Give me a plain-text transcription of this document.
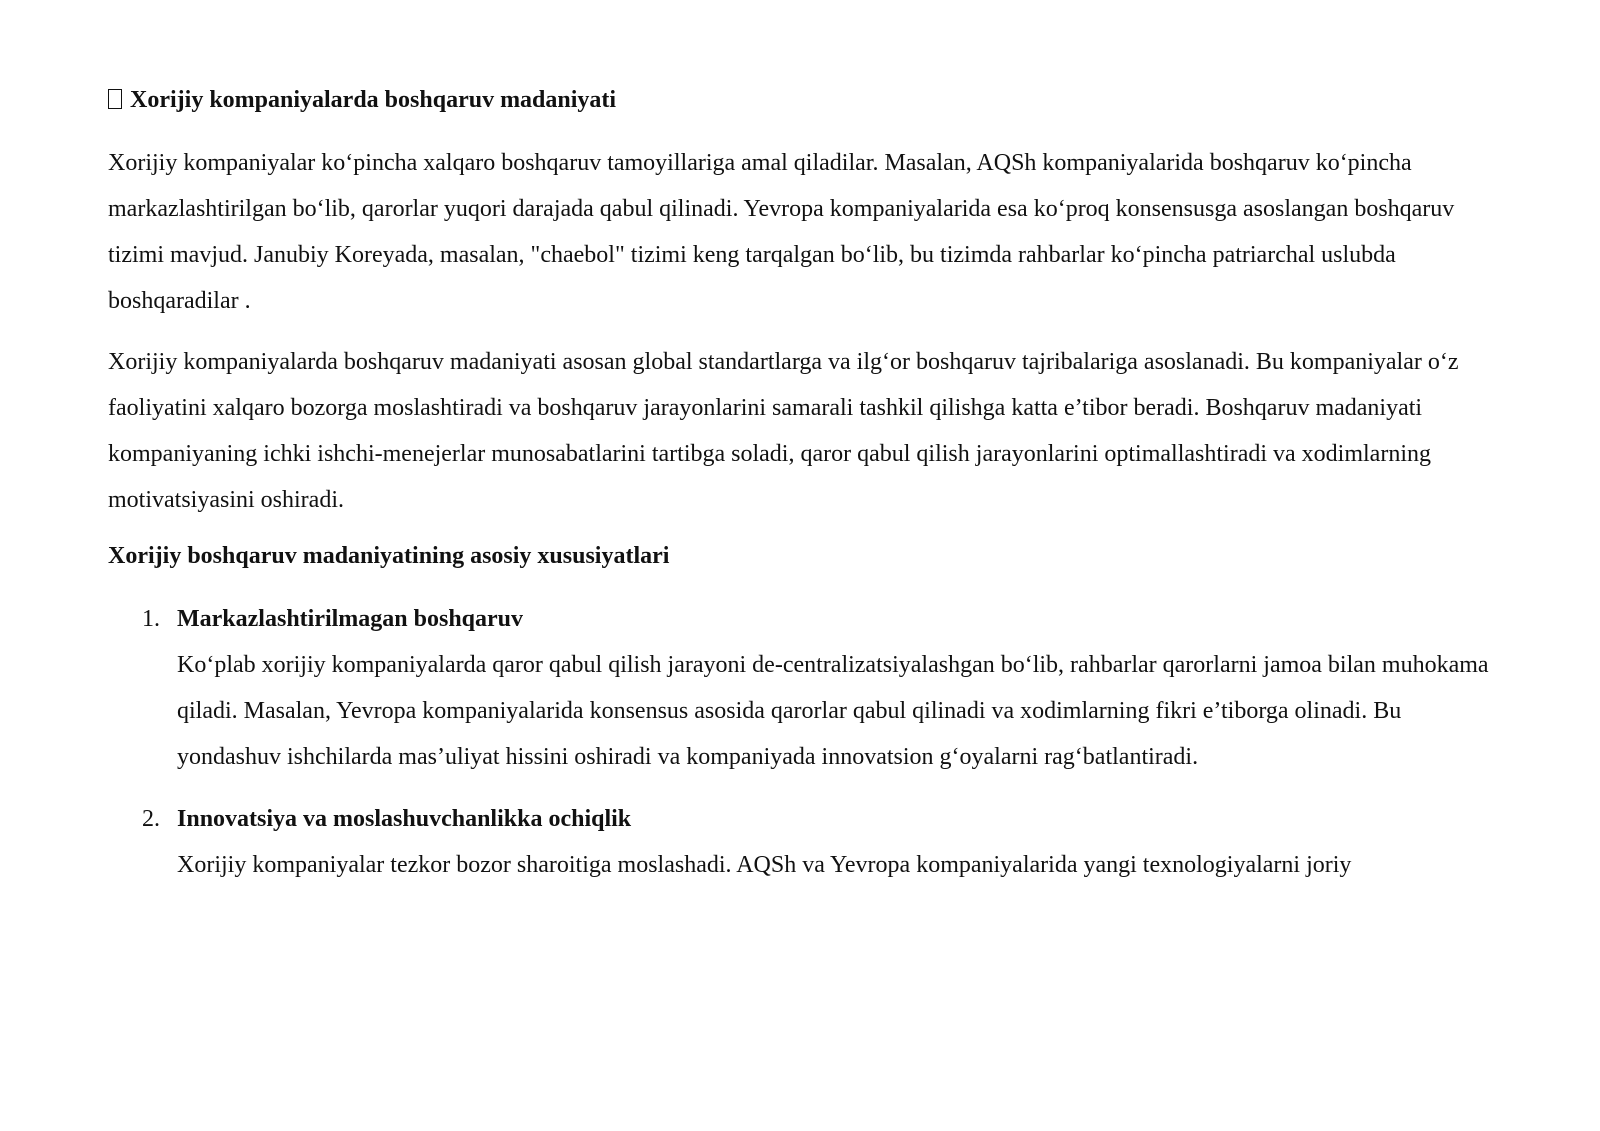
Xorijiy kompaniyalarda boshqaruv madaniyati

Xorijiy kompaniyalar koʻpincha xalqaro boshqaruv tamoyillariga amal qiladilar. Masalan, AQSh kompaniyalarida boshqaruv koʻpincha markazlashtirilgan boʻlib, qarorlar yuqori darajada qabul qilinadi. Yevropa kompaniyalarida esa koʻproq konsensusga asoslangan boshqaruv tizimi mavjud. Janubiy Koreyada, masalan, "chaebol" tizimi keng tarqalgan boʻlib, bu tizimda rahbarlar koʻpincha patriarchal uslubda boshqaradilar .

Xorijiy kompaniyalarda boshqaruv madaniyati asosan global standartlarga va ilgʻor boshqaruv tajribalariga asoslanadi. Bu kompaniyalar oʻz faoliyatini xalqaro bozorga moslashtiradi va boshqaruv jarayonlarini samarali tashkil qilishga katta e’tibor beradi. Boshqaruv madaniyati kompaniyaning ichki ishchi-menejerlar munosabatlarini tartibga soladi, qaror qabul qilish jarayonlarini optimallashtiradi va xodimlarning motivatsiyasini oshiradi.

Xorijiy boshqaruv madaniyatining asosiy xususiyatlari
1. Markazlashtirilmagan boshqaruv
Koʻplab xorijiy kompaniyalarda qaror qabul qilish jarayoni de-centralizatsiyalashgan boʻlib, rahbarlar qarorlarni jamoa bilan muhokama qiladi. Masalan, Yevropa kompaniyalarida konsensus asosida qarorlar qabul qilinadi va xodimlarning fikri e’tiborga olinadi. Bu yondashuv ishchilarda mas’uliyat hissini oshiradi va kompaniyada innovatsion gʻoyalarni ragʻbatlantiradi.
2. Innovatsiya va moslashuvchanlikka ochiqlik
Xorijiy kompaniyalar tezkor bozor sharoitiga moslashadi. AQSh va Yevropa kompaniyalarida yangi texnologiyalarni joriy
